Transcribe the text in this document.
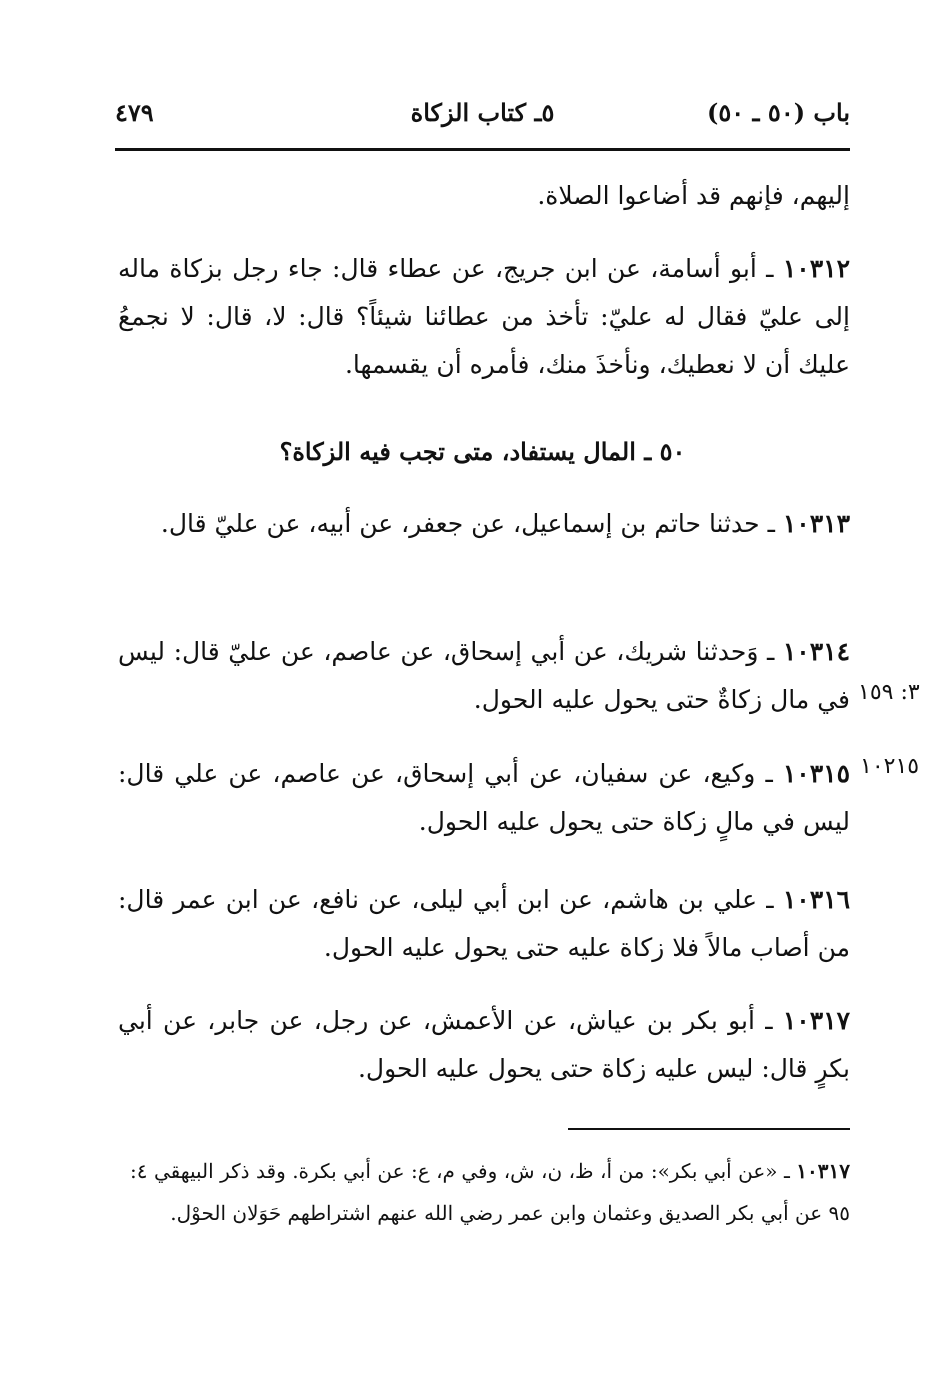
باب (٥٠ ـ ٥٠)
٥ـ كتاب الزكاة
٤٧٩
إليهم، فإنهم قد أضاعوا الصلاة.
١٠٣١٢ ـ أبو أسامة، عن ابن جريج، عن عطاء قال: جاء رجل بزكاة ماله إلى عليّ فقال له عليّ: تأخذ من عطائنا شيئاً؟ قال: لا، قال: لا نجمعُ عليك أن لا نعطيك، ونأخذَ منك، فأمره أن يقسمها.
٥٠ ـ المال يستفاد، متى تجب فيه الزكاة؟
١٠٣١٣ ـ حدثنا حاتم بن إسماعيل، عن جعفر، عن أبيه، عن عليّ قال.
١٠٣١٤ ـ وَحدثنا شريك، عن أبي إسحاق، عن عاصم، عن عليّ قال: ليس في مال زكاةٌ حتى يحول عليه الحول. ٣: ١٥٩
١٠٣١٥ ـ وكيع، عن سفيان، عن أبي إسحاق، عن عاصم، عن علي قال: ليس في مالٍ زكاة حتى يحول عليه الحول.
١٠٢١٥
١٠٣١٦ ـ علي بن هاشم، عن ابن أبي ليلى، عن نافع، عن ابن عمر قال: من أصاب مالاً فلا زكاة عليه حتى يحول عليه الحول.
١٠٣١٧ ـ أبو بكر بن عياش، عن الأعمش، عن رجل، عن جابر، عن أبي بكرٍ قال: ليس عليه زكاة حتى يحول عليه الحول.
١٠٣١٧ ـ «عن أبي بكر»: من أ، ظ، ن، ش، وفي م، ع: عن أبي بكرة. وقد ذكر البيهقي ٤: ٩٥ عن أبي بكر الصديق وعثمان وابن عمر رضي الله عنهم اشتراطهم حَوَلان الحوْل.
